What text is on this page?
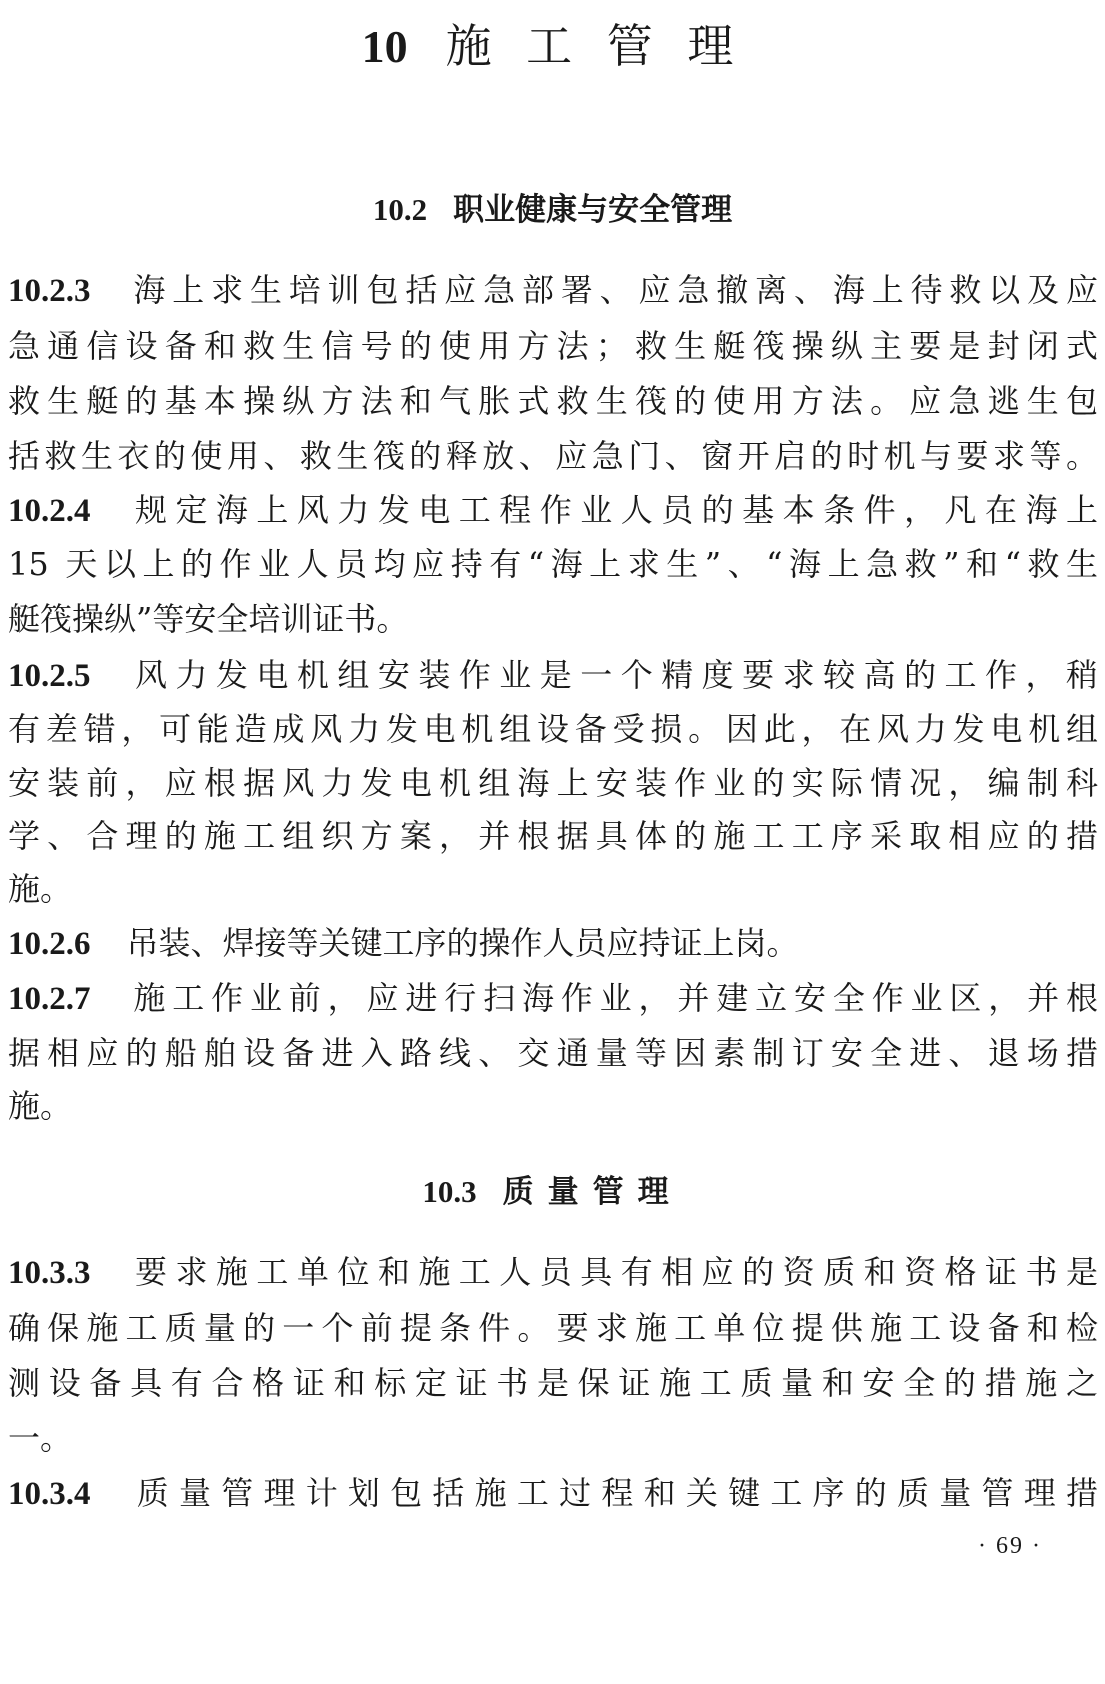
10 施 工 管 理
10.2 职业健康与安全管理
10.2.3 海上求生培训包括应急部署、应急撤离、海上待救以及应
急通信设备和救生信号的使用方法；救生艇筏操纵主要是封闭式
救生艇的基本操纵方法和气胀式救生筏的使用方法。应急逃生包
括救生衣的使用、救生筏的释放、应急门、窗开启的时机与要求等。
10.2.4 规定海上风力发电工程作业人员的基本条件，凡在海上
15 天以上的作业人员均应持有“海上求生”、“海上急救”和“救生
艇筏操纵”等安全培训证书。
10.2.5 风力发电机组安装作业是一个精度要求较高的工作，稍
有差错，可能造成风力发电机组设备受损。因此，在风力发电机组
安装前，应根据风力发电机组海上安装作业的实际情况，编制科
学、合理的施工组织方案，并根据具体的施工工序采取相应的措
施。
10.2.6 吊装、焊接等关键工序的操作人员应持证上岗。
10.2.7 施工作业前，应进行扫海作业，并建立安全作业区，并根
据相应的船舶设备进入路线、交通量等因素制订安全进、退场措
施。
10.3 质量管理
10.3.3 要求施工单位和施工人员具有相应的资质和资格证书是
确保施工质量的一个前提条件。要求施工单位提供施工设备和检
测设备具有合格证和标定证书是保证施工质量和安全的措施之
一。
10.3.4 质量管理计划包括施工过程和关键工序的质量管理措
· 69 ·
